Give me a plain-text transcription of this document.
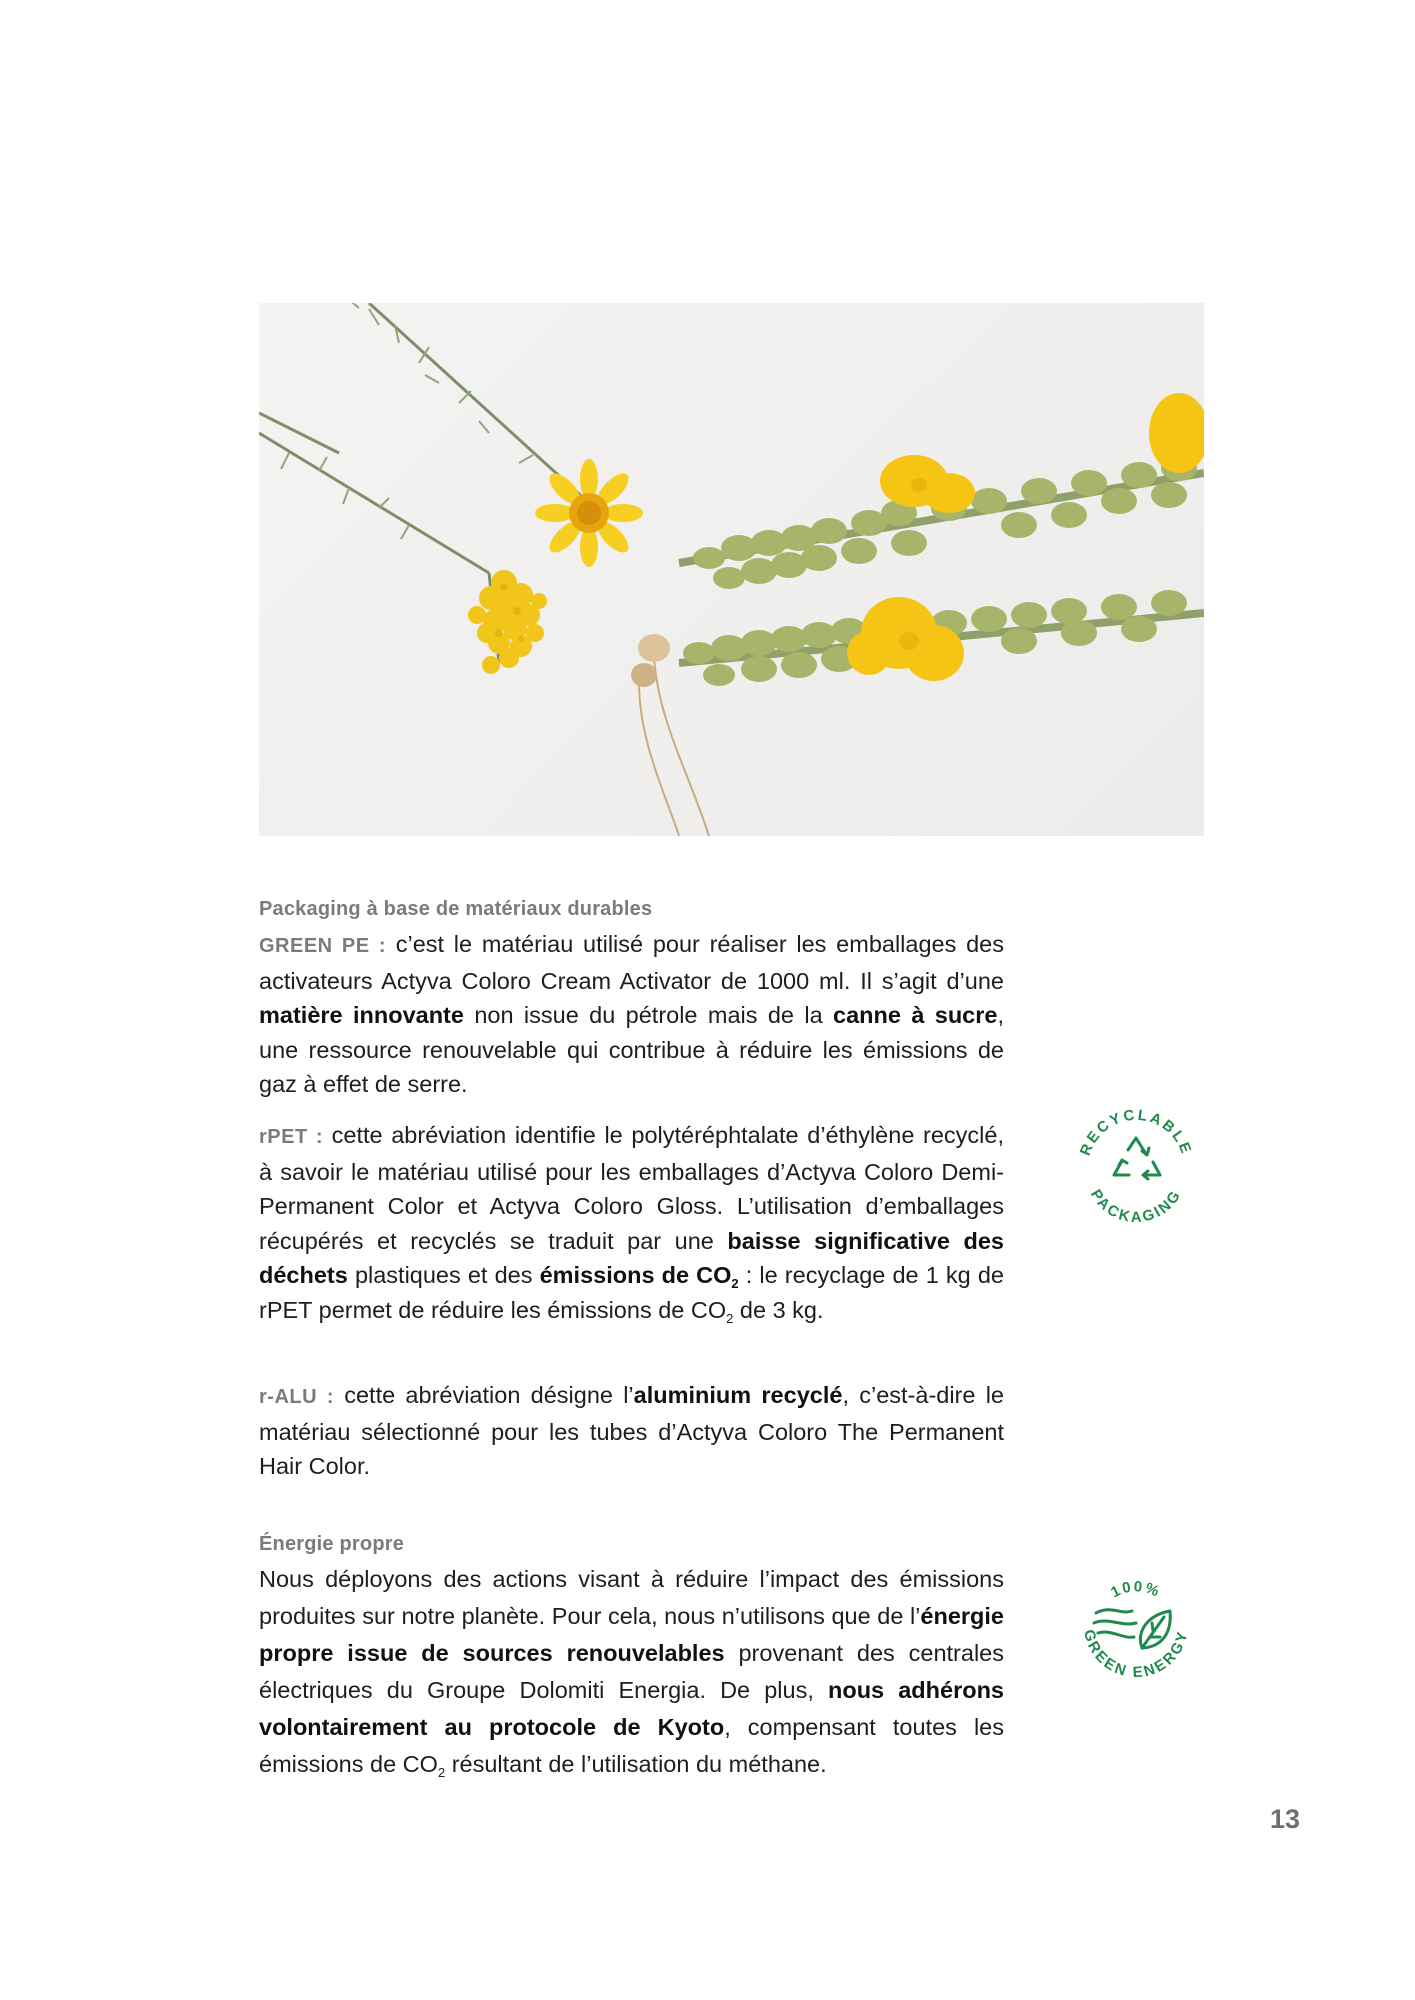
Packaging à base de matériaux durables
GREEN PE : c’est le matériau utilisé pour réaliser les emballages des activateurs Actyva Coloro Cream Activator de 1000 ml. Il s’agit d’une matière innovante non issue du pétrole mais de la canne à sucre, une ressource renouvelable qui contribue à réduire les émissions de gaz à effet de serre.
rPET : cette abréviation identifie le polytéréphtalate d’éthylène recyclé, à savoir le matériau utilisé pour les emballages d’Actyva Coloro Demi-Permanent Color et Actyva Coloro Gloss. L’utilisation d’emballages récupérés et recyclés se traduit par une baisse significative des déchets plastiques et des émissions de $CO_2$ : le recyclage de 1 kg de rPET permet de réduire les émissions de $CO_2$ de 3 kg.
r-ALU : cette abréviation désigne l’aluminium recyclé, c’est-à-dire le matériau sélectionné pour les tubes d’Actyva Coloro The Permanent Hair Color.
Énergie propre
Nous déployons des actions visant à réduire l’impact des émissions produites sur notre planète. Pour cela, nous n’utilisons que de l’énergie propre issue de sources renouvelables provenant des centrales électriques du Groupe Dolomiti Energia. De plus, nous adhérons volontairement au protocole de Kyoto, compensant toutes les émissions de $CO_2$ résultant de l’utilisation du méthane.
RECYCLABLE
PACKAGING
100%
GREEN ENERGY
13
